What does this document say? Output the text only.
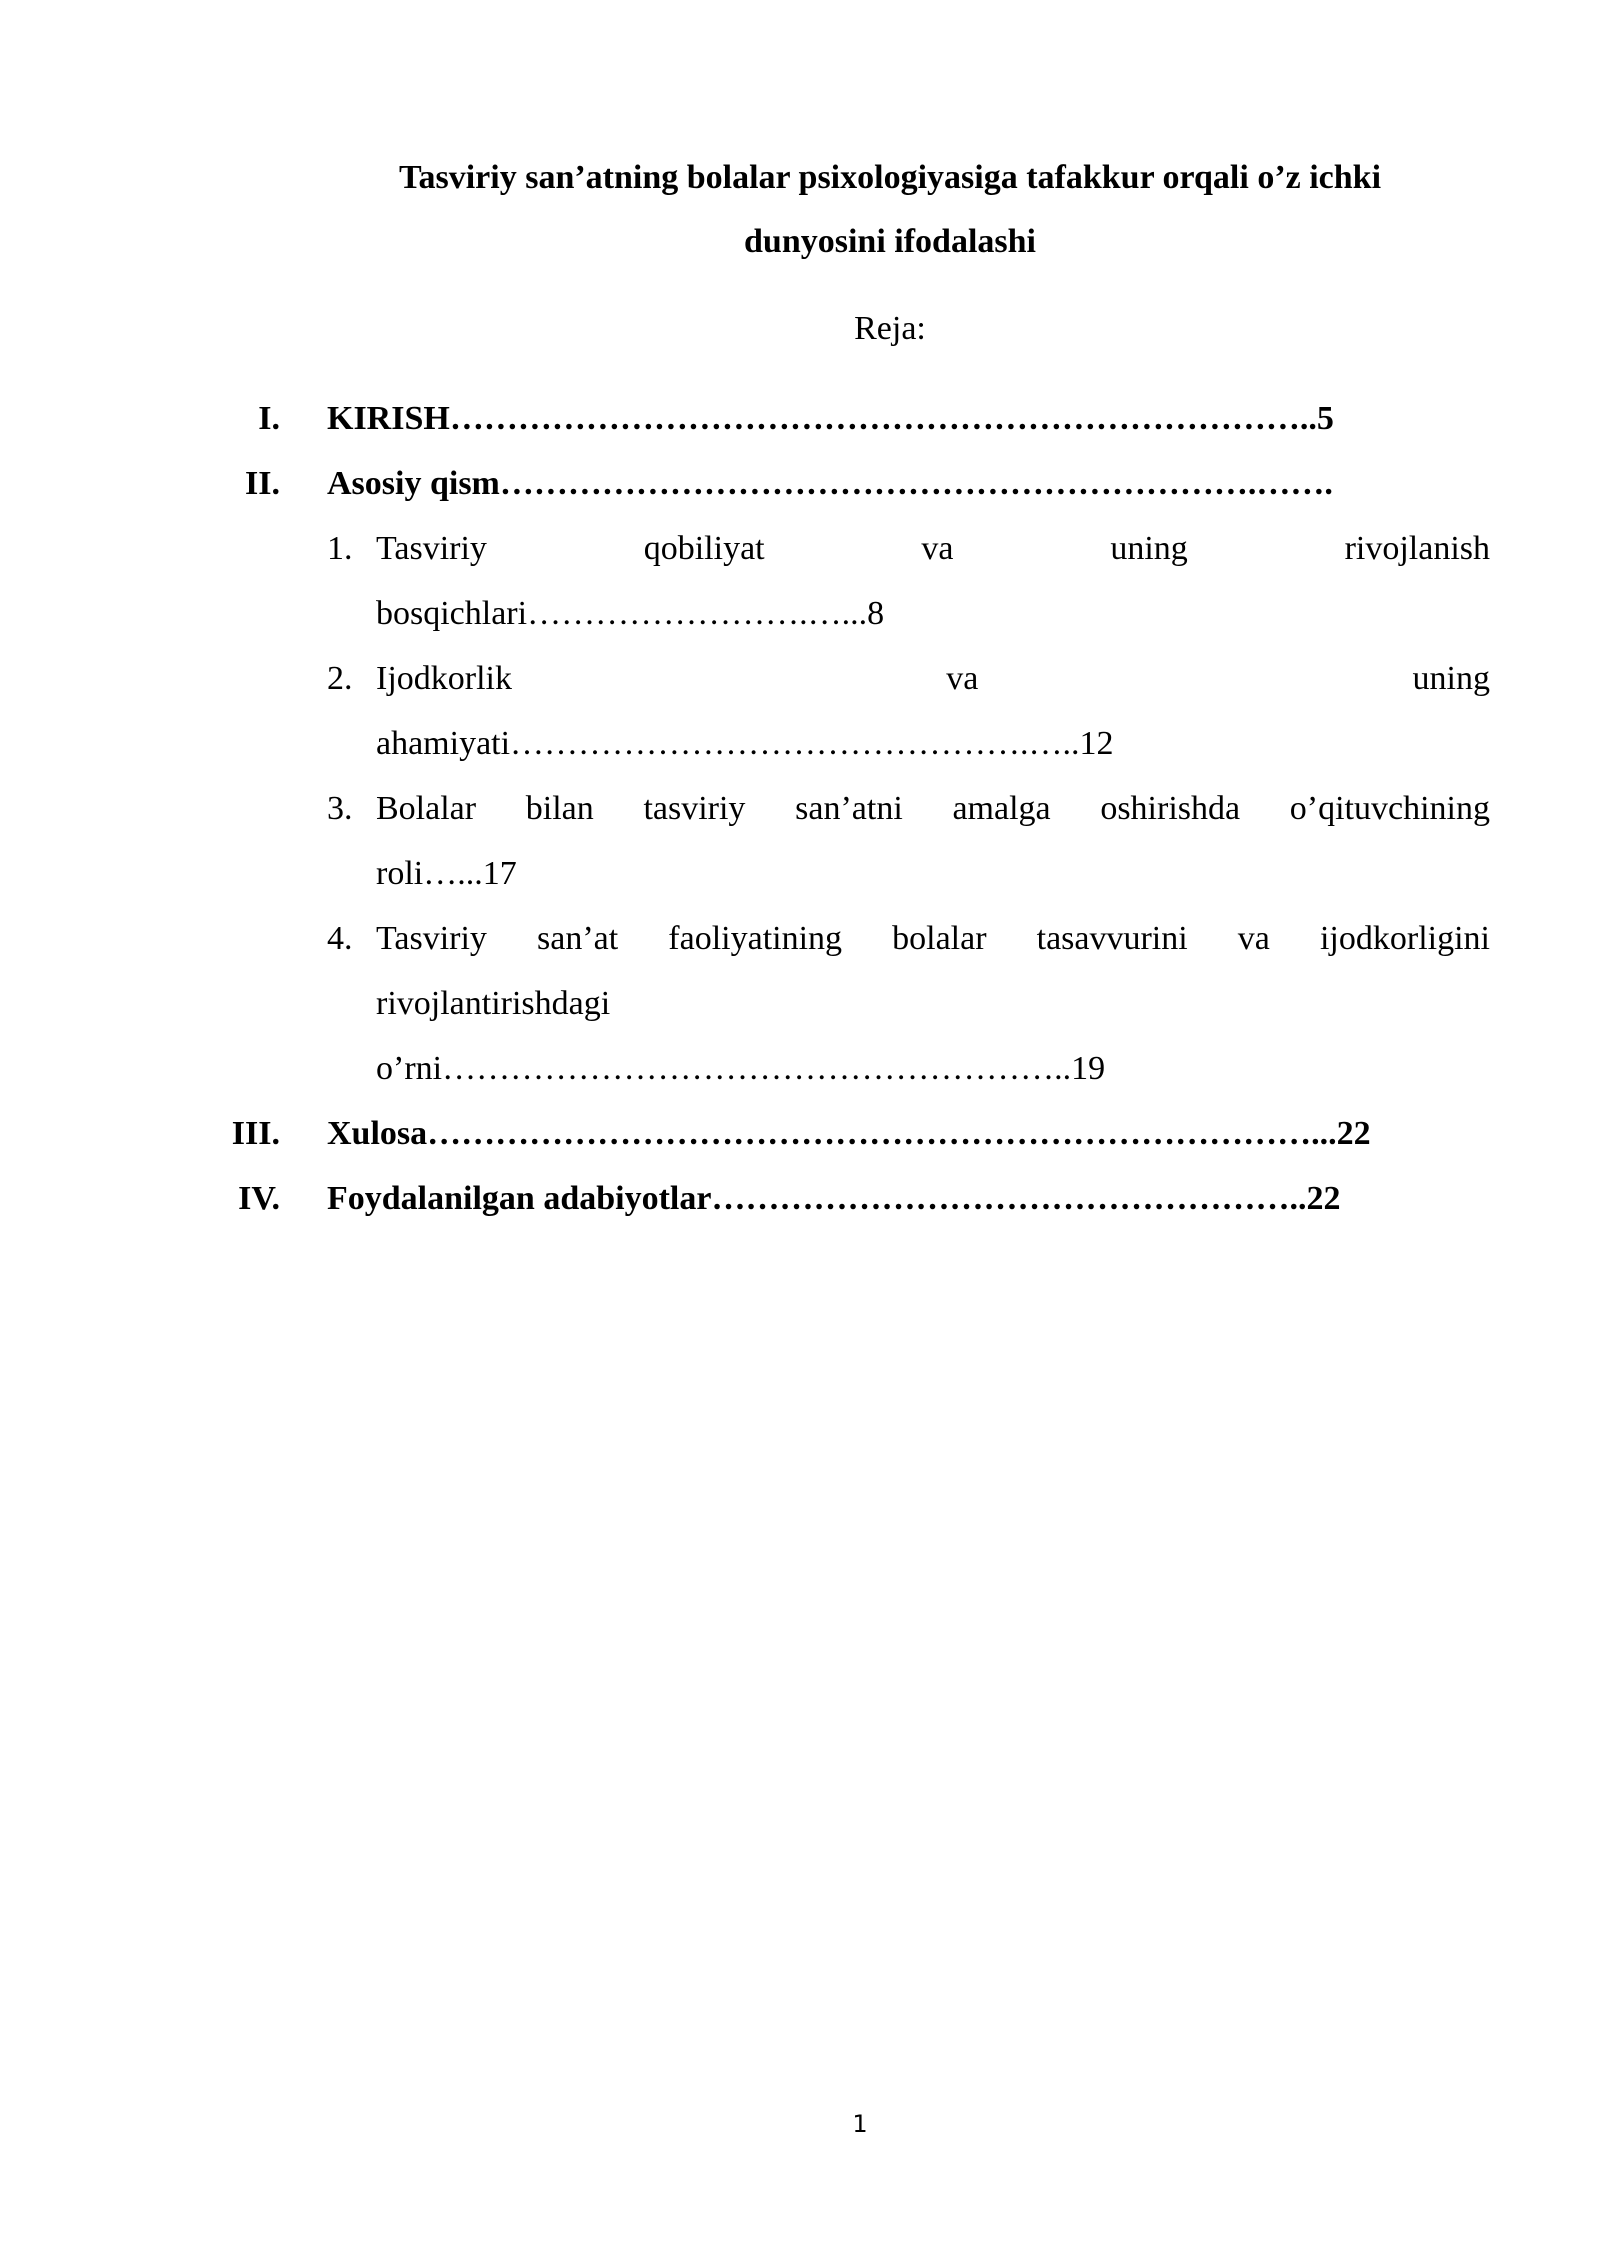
Tasviriy san’atning bolalar psixologiyasiga tafakkur orqali o’z ichki

dunyosini ifodalashi

Reja:

I. KIRISH…………………………………………………………………..5
II. Asosiy qism………………………………………………………….…….
1. Tasviriy qobiliyat va uning rivojlanish
bosqichlari…………………….…...8
2. Ijodkorlik va uning
ahamiyati……………………………………….…..12
3. Bolalar bilan tasviriy san’atni amalga oshirishda o’qituvchining
roli…...17
4. Tasviriy san’at faoliyatining bolalar tasavvurini va ijodkorligini
rivojlantirishdagi
o’rni………………………………………………..19
III. Xulosa……………………………………………………………………...22
IV. Foydalanilgan adabiyotlar……………………………………………..22
1
